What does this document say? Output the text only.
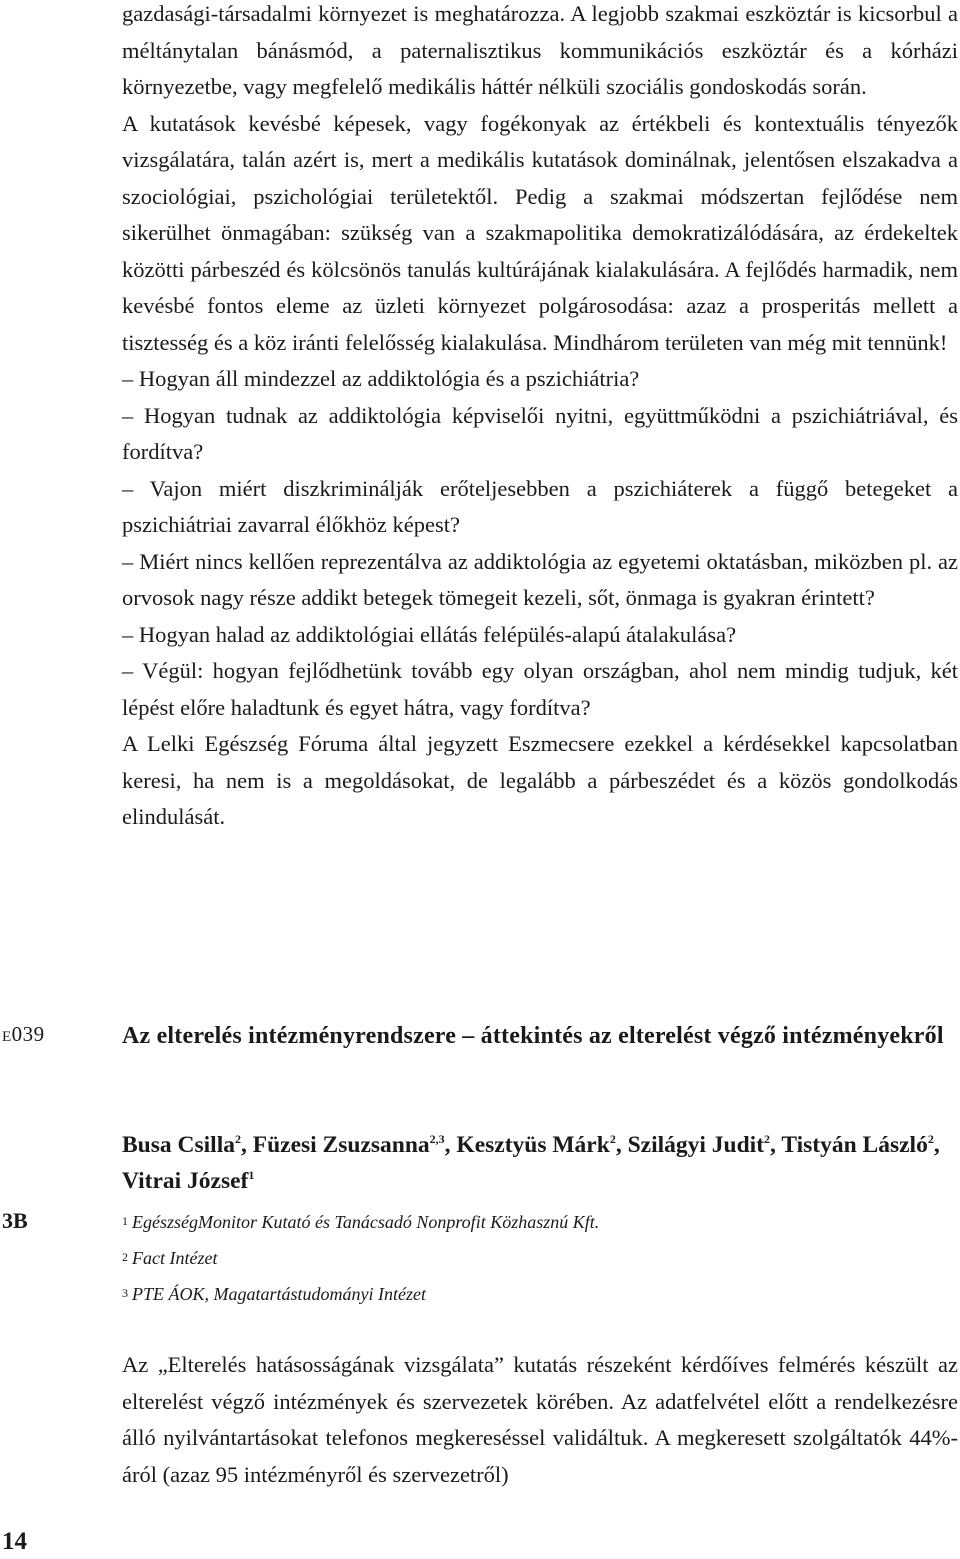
gazdasági-társadalmi környezet is meghatározza. A legjobb szakmai eszköztár is kicsorbul a méltánytalan bánásmód, a paternalisztikus kommunikációs eszköztár és a kórházi környezetbe, vagy megfelelő medikális háttér nélküli szociális gondoskodás során.

A kutatások kevésbé képesek, vagy fogékonyak az értékbeli és kontextuális tényezők vizsgálatára, talán azért is, mert a medikális kutatások dominálnak, jelentősen elszakadva a szociológiai, pszichológiai területektől. Pedig a szakmai módszertan fejlődése nem sikerülhet önmagában: szükség van a szakmapolitika demokratizálódására, az érdekeltek közötti párbeszéd és kölcsönös tanulás kultúrájának kialakulására. A fejlődés harmadik, nem kevésbé fontos eleme az üzleti környezet polgárosodása: azaz a prosperitás mellett a tisztesség és a köz iránti felelősség kialakulása. Mindhárom területen van még mit tennünk!

– Hogyan áll mindezzel az addiktológia és a pszichiátria?

– Hogyan tudnak az addiktológia képviselői nyitni, együttműködni a pszichiátriával, és fordítva?

– Vajon miért diszkriminálják erőteljesebben a pszichiáterek a függő betegeket a pszichiátriai zavarral élőkhöz képest?

– Miért nincs kellően reprezentálva az addiktológia az egyetemi oktatásban, miközben pl. az orvosok nagy része addikt betegek tömegeit kezeli, sőt, önmaga is gyakran érintett?

– Hogyan halad az addiktológiai ellátás felépülés-alapú átalakulása?

– Végül: hogyan fejlődhetünk tovább egy olyan országban, ahol nem mindig tudjuk, két lépést előre haladtunk és egyet hátra, vagy fordítva?

A Lelki Egészség Fóruma által jegyzett Eszmecsere ezekkel a kérdésekkel kapcsolatban keresi, ha nem is a megoldásokat, de legalább a párbeszédet és a közös gondolkodás elindulását.

E039
3B

Az elterelés intézményrendszere – áttekintés az elterelést végző intézményekről

Busa Csilla$^2$, Füzesi Zsuzsanna$^{2,3}$, Kesztyüs Márk$^2$, Szilágyi Judit$^2$, Tistyán László$^2$, Vitrai József$^1$

$^1$ EgészségMonitor Kutató és Tanácsadó Nonprofit Közhasznú Kft.

$^2$ Fact Intézet

$^3$ PTE ÁOK, Magatartástudományi Intézet

Az „Elterelés hatásosságának vizsgálata” kutatás részeként kérdőíves felmérés készült az elterelést végző intézmények és szervezetek körében. Az adatfelvétel előtt a rendelkezésre álló nyilvántartásokat telefonos megkereséssel validáltuk. A megkeresett szolgáltatók 44%-áról (azaz 95 intézményről és szervezetről)

14
